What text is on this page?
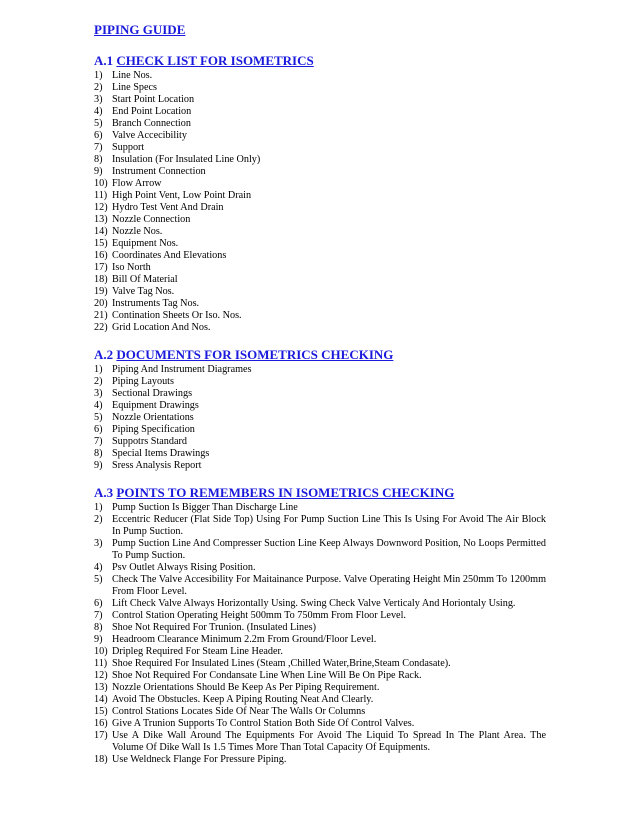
PIPING GUIDE
A.1 CHECK LIST FOR ISOMETRICS
1) Line Nos.
2) Line Specs
3) Start Point Location
4) End Point Location
5) Branch Connection
6) Valve Accecibility
7) Support
8) Insulation (For Insulated Line Only)
9) Instrument Connection
10) Flow Arrow
11) High Point Vent, Low Point Drain
12) Hydro Test Vent And Drain
13) Nozzle Connection
14) Nozzle Nos.
15) Equipment Nos.
16) Coordinates And Elevations
17) Iso North
18) Bill Of Material
19) Valve Tag Nos.
20) Instruments Tag Nos.
21) Contination Sheets Or Iso. Nos.
22) Grid Location And Nos.
A.2 DOCUMENTS FOR ISOMETRICS CHECKING
1) Piping And Instrument Diagrames
2) Piping Layouts
3) Sectional Drawings
4) Equipment Drawings
5) Nozzle Orientations
6) Piping Specification
7) Suppotrs Standard
8) Special Items Drawings
9) Sress Analysis Report
A.3 POINTS TO REMEMBERS IN ISOMETRICS CHECKING
1) Pump Suction Is Bigger Than Discharge Line
2) Eccentric Reducer (Flat Side Top) Using For Pump Suction Line This Is Using For Avoid The Air Block In Pump Suction.
3) Pump Suction Line And Compresser Suction Line Keep Always Downword Position, No Loops Permitted To Pump Suction.
4) Psv Outlet Always Rising Position.
5) Check The Valve Accesibility For Maitainance Purpose. Valve Operating Height Min 250mm To 1200mm From Floor Level.
6) Lift Check Valve Always Horizontally Using. Swing Check Valve Verticaly And Horiontaly Using.
7) Control Station Operating Height 500mm To 750mm From Floor Level.
8) Shoe Not Required For Trunion. (Insulated Lines)
9) Headroom Clearance Minimum 2.2m From Ground/Floor Level.
10) Dripleg Required For Steam Line Header.
11) Shoe Required For Insulated Lines (Steam ,Chilled Water,Brine,Steam Condasate).
12) Shoe Not Required For Condansate Line When Line Will Be On Pipe Rack.
13) Nozzle Orientations Should Be Keep As Per Piping Requirement.
14) Avoid The Obstucles. Keep A Piping Routing Neat And Clearly.
15) Control Stations Locates Side Of Near The Walls Or Columns
16) Give A Trunion Supports To Control Station Both Side Of Control Valves.
17) Use A Dike Wall Around The Equipments For Avoid The Liquid To Spread In The Plant Area. The Volume Of Dike Wall Is 1.5 Times More Than Total Capacity Of Equipments.
18) Use Weldneck Flange For Pressure Piping.
